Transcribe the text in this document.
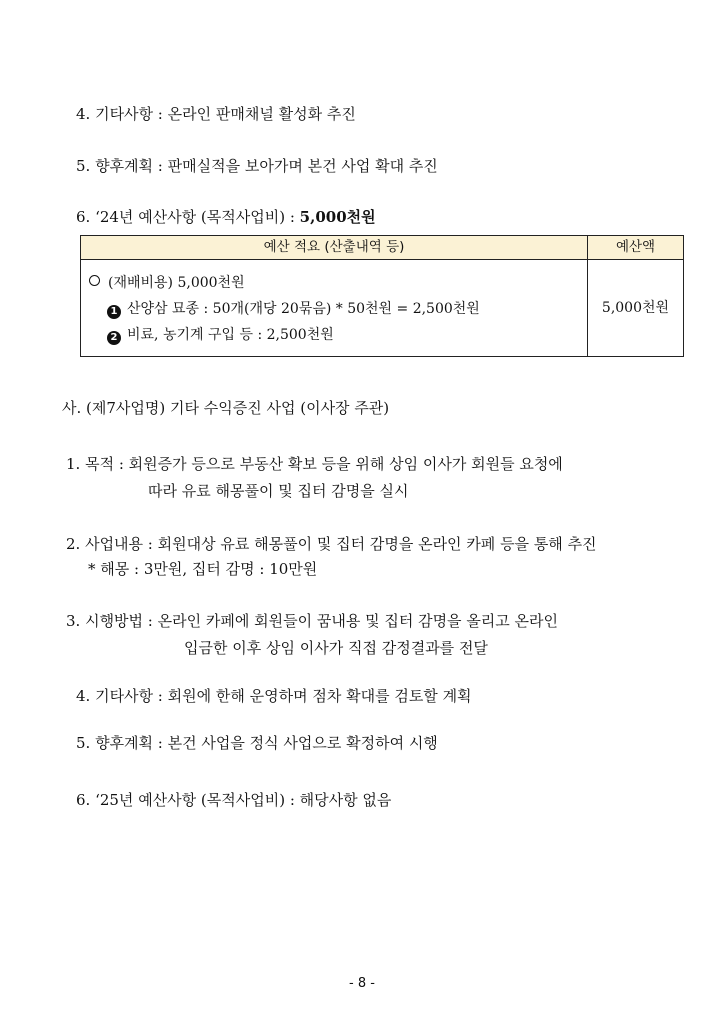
4. 기타사항 : 온라인 판매채널 활성화 추진
5. 향후계획 : 판매실적을 보아가며 본건 사업 확대 추진
6. ‘24년 예산사항 (목적사업비) : 5,000천원
예산 적요 (산출내역 등)	예산액
(재배비용) 5,000천원
1 산양삼 묘종 : 50개(개당 20묶음) * 50천원 = 2,500천원
2 비료, 농기계 구입 등 : 2,500천원
5,000천원
사. (제7사업명) 기타 수익증진 사업 (이사장 주관)
1. 목적 : 회원증가 등으로 부동산 확보 등을 위해 상임 이사가 회원들 요청에
따라 유료 해몽풀이 및 집터 감명을 실시
2. 사업내용 : 회원대상 유료 해몽풀이 및 집터 감명을 온라인 카페 등을 통해 추진
* 해몽 : 3만원, 집터 감명 : 10만원
3. 시행방법 : 온라인 카페에 회원들이 꿈내용 및 집터 감명을 올리고 온라인
입금한 이후 상임 이사가 직접 감정결과를 전달
4. 기타사항 : 회원에 한해 운영하며 점차 확대를 검토할 계획
5. 향후계획 : 본건 사업을 정식 사업으로 확정하여 시행
6. ‘25년 예산사항 (목적사업비) : 해당사항 없음
- 8 -
